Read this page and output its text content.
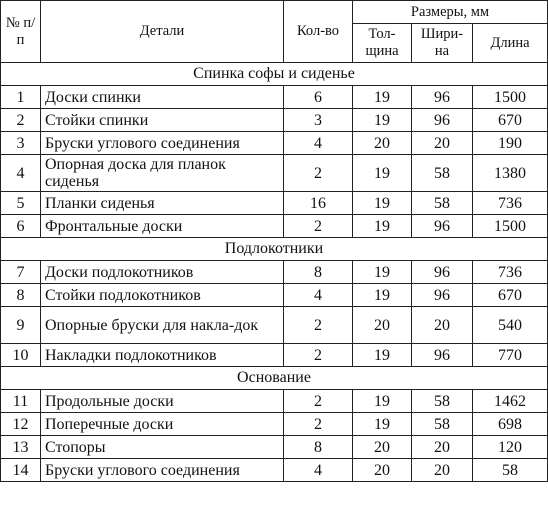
№ п/п	Детали	Кол-во	Размеры, мм		
			Тол-щина	Шири-на	Длина
Спинка софы и сиденье					
1	Доски спинки	6	19	96	1500
2	Стойки спинки	3	19	96	670
3	Бруски углового соединения	4	20	20	190
4	Опорная доска для планок сиденья	2	19	58	1380
5	Планки сиденья	16	19	58	736
6	Фронтальные доски	2	19	96	1500
Подлокотники					
7	Доски подлокотников	8	19	96	736
8	Стойки подлокотников	4	19	96	670
9	Опорные бруски для накла-док	2	20	20	540
10	Накладки подлокотников	2	19	96	770
Основание					
11	Продольные доски	2	19	58	1462
12	Поперечные доски	2	19	58	698
13	Стопоры	8	20	20	120
14	Бруски углового соединения	4	20	20	58
